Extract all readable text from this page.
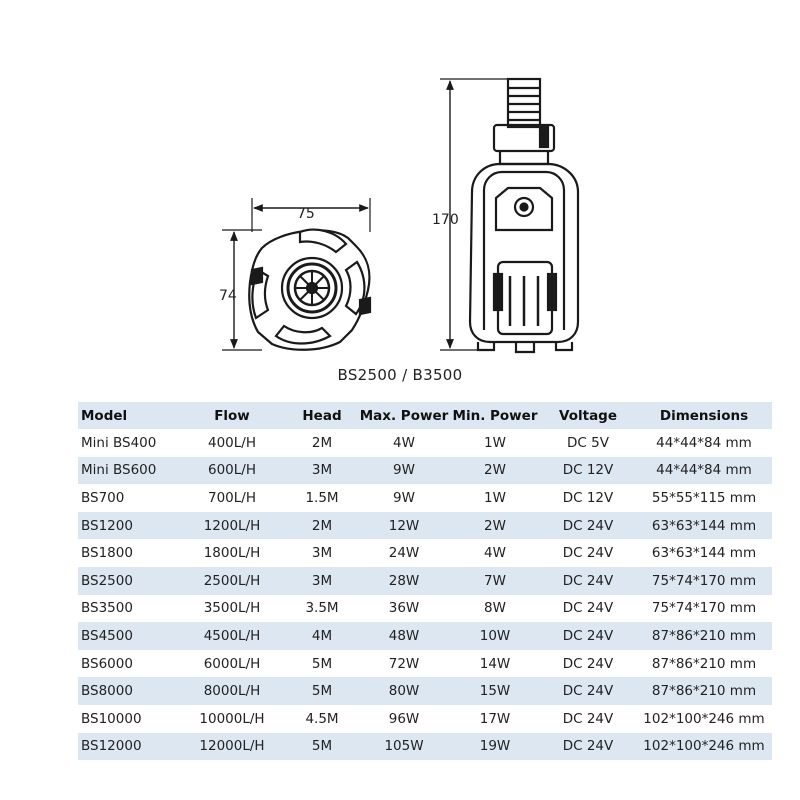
75
74
170
BS2500 / B3500
Model	Flow	Head	Max. Power	Min. Power	Voltage	Dimensions
Mini BS400	400L/H	2M	4W	1W	DC 5V	44*44*84 mm
Mini BS600	600L/H	3M	9W	2W	DC 12V	44*44*84 mm
BS700	700L/H	1.5M	9W	1W	DC 12V	55*55*115 mm
BS1200	1200L/H	2M	12W	2W	DC 24V	63*63*144 mm
BS1800	1800L/H	3M	24W	4W	DC 24V	63*63*144 mm
BS2500	2500L/H	3M	28W	7W	DC 24V	75*74*170 mm
BS3500	3500L/H	3.5M	36W	8W	DC 24V	75*74*170 mm
BS4500	4500L/H	4M	48W	10W	DC 24V	87*86*210 mm
BS6000	6000L/H	5M	72W	14W	DC 24V	87*86*210 mm
BS8000	8000L/H	5M	80W	15W	DC 24V	87*86*210 mm
BS10000	10000L/H	4.5M	96W	17W	DC 24V	102*100*246 mm
BS12000	12000L/H	5M	105W	19W	DC 24V	102*100*246 mm
